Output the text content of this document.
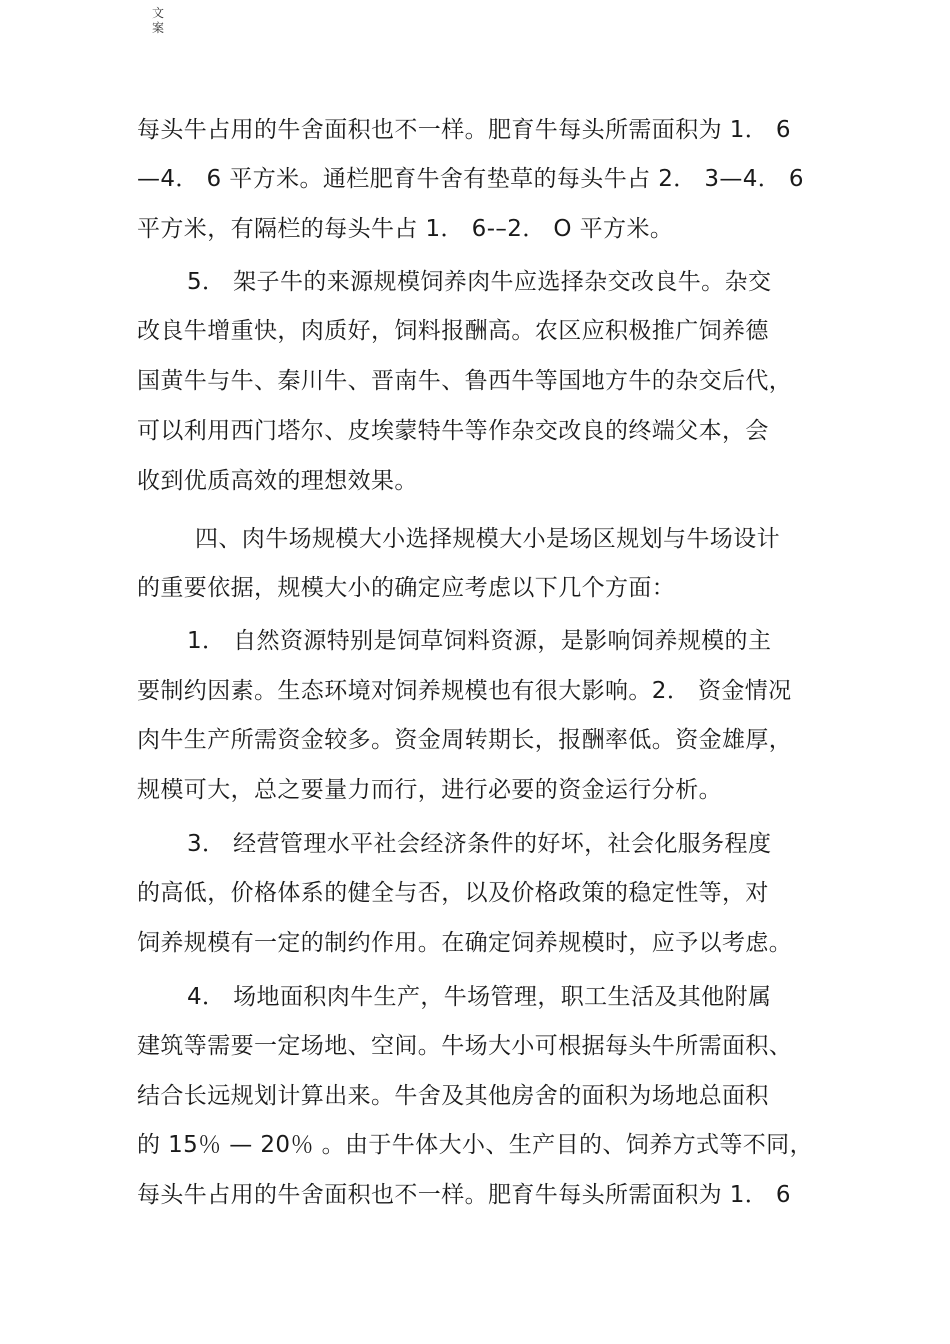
文
案
每头牛占用的牛舍面积也不一样。肥育牛每头所需面积为 1． 6
—4． 6 平方米。通栏肥育牛舍有垫草的每头牛占 2． 3—4． 6
平方米，有隔栏的每头牛占 1． 6-–2． O 平方米。
5． 架子牛的来源规模饲养肉牛应选择杂交改良牛。杂交
改良牛增重快，肉质好，饲料报酬高。农区应积极推广饲养德
国黄牛与牛、秦川牛、晋南牛、鲁西牛等国地方牛的杂交后代，
可以利用西门塔尔、皮埃蒙特牛等作杂交改良的终端父本，会
收到优质高效的理想效果。
四、肉牛场规模大小选择规模大小是场区规划与牛场设计
的重要依据，规模大小的确定应考虑以下几个方面：
1． 自然资源特别是饲草饲料资源，是影响饲养规模的主
要制约因素。生态环境对饲养规模也有很大影响。2． 资金情况
肉牛生产所需资金较多。资金周转期长，报酬率低。资金雄厚，
规模可大，总之要量力而行，进行必要的资金运行分析。
3． 经营管理水平社会经济条件的好坏，社会化服务程度
的高低，价格体系的健全与否，以及价格政策的稳定性等，对
饲养规模有一定的制约作用。在确定饲养规模时，应予以考虑。
4． 场地面积肉牛生产，牛场管理，职工生活及其他附属
建筑等需要一定场地、空间。牛场大小可根据每头牛所需面积、
结合长远规划计算出来。牛舍及其他房舍的面积为场地总面积
的 15％ — 20％ 。由于牛体大小、生产目的、饲养方式等不同，
每头牛占用的牛舍面积也不一样。肥育牛每头所需面积为 1． 6
